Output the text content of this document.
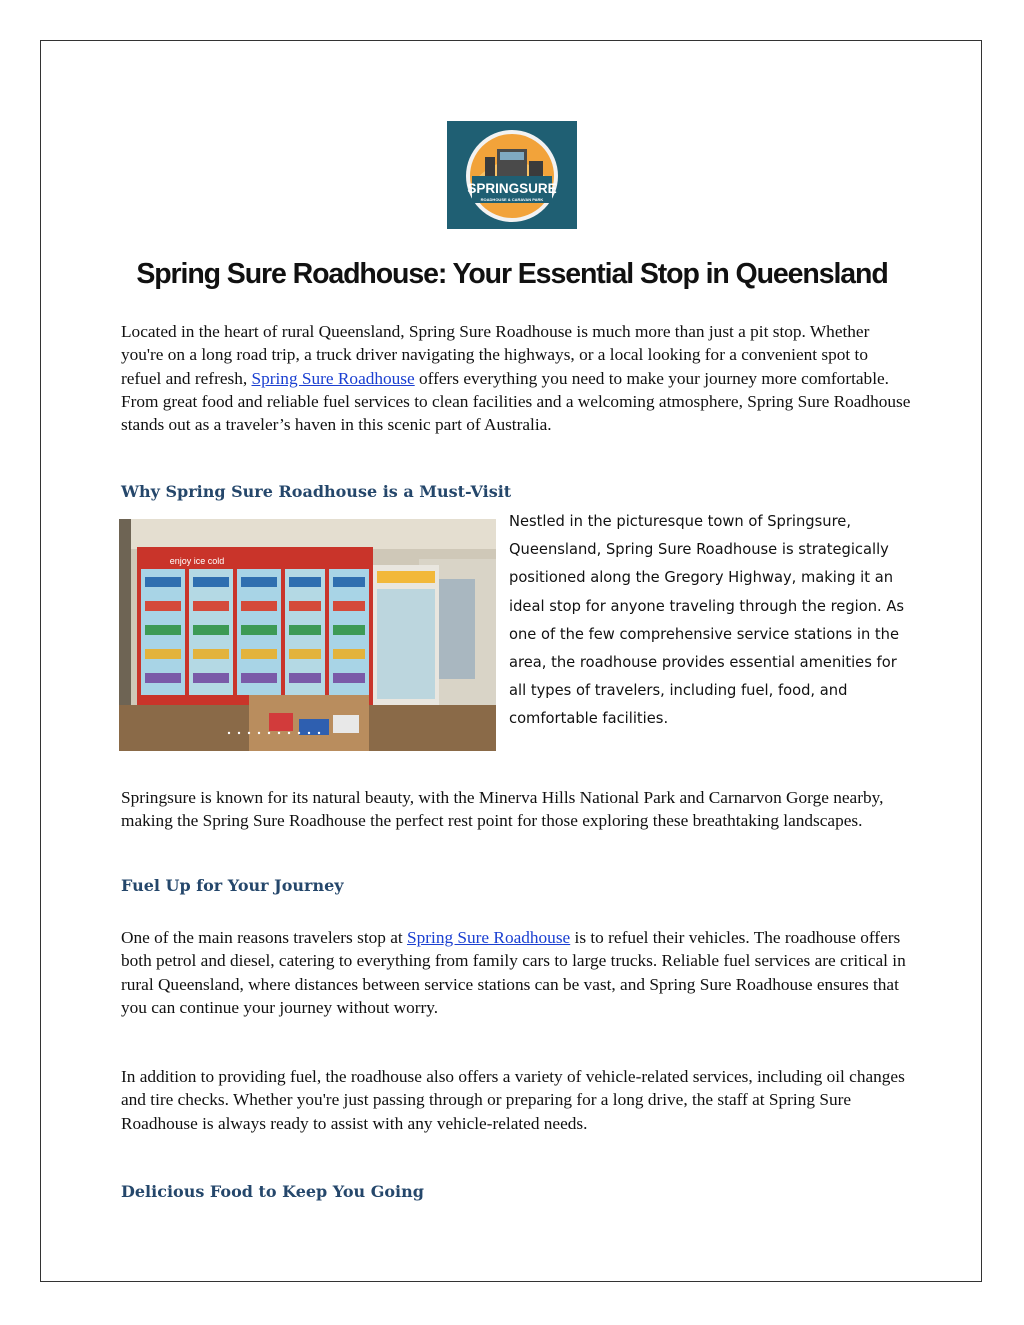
SPRINGSURE
ROADHOUSE & CARAVAN PARK
Spring Sure Roadhouse: Your Essential Stop in Queensland

Located in the heart of rural Queensland, Spring Sure Roadhouse is much more than just a pit stop. Whether you're on a long road trip, a truck driver navigating the highways, or a local looking for a convenient spot to refuel and refresh, Spring Sure Roadhouse offers everything you need to make your journey more comfortable. From great food and reliable fuel services to clean facilities and a welcoming atmosphere, Spring Sure Roadhouse stands out as a traveler’s haven in this scenic part of Australia.

Why Spring Sure Roadhouse is a Must-Visit
enjoy ice cold

Nestled in the picturesque town of Springsure, Queensland, Spring Sure Roadhouse is strategically positioned along the Gregory Highway, making it an ideal stop for anyone traveling through the region. As one of the few comprehensive service stations in the area, the roadhouse provides essential amenities for all types of travelers, including fuel, food, and comfortable facilities.

Springsure is known for its natural beauty, with the Minerva Hills National Park and Carnarvon Gorge nearby, making the Spring Sure Roadhouse the perfect rest point for those exploring these breathtaking landscapes.

Fuel Up for Your Journey

One of the main reasons travelers stop at Spring Sure Roadhouse is to refuel their vehicles. The roadhouse offers both petrol and diesel, catering to everything from family cars to large trucks. Reliable fuel services are critical in rural Queensland, where distances between service stations can be vast, and Spring Sure Roadhouse ensures that you can continue your journey without worry.

In addition to providing fuel, the roadhouse also offers a variety of vehicle-related services, including oil changes and tire checks. Whether you're just passing through or preparing for a long drive, the staff at Spring Sure Roadhouse is always ready to assist with any vehicle-related needs.

Delicious Food to Keep You Going
